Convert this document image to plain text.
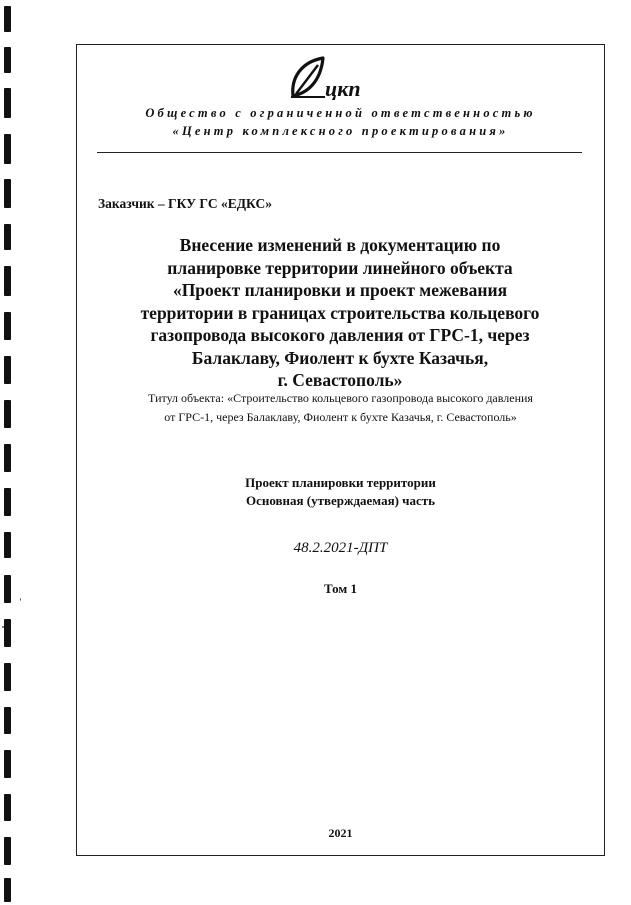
цкп
Общество с ограниченной ответственностью
«Центр комплексного проектирования»
Заказчик – ГКУ ГС «ЕДКС»
Внесение изменений в документацию по
планировке территории линейного объекта
«Проект планировки и проект межевания
территории в границах строительства кольцевого
газопровода высокого давления от ГРС-1, через
Балаклаву, Фиолент к бухте Казачья,
г. Севастополь»
Титул объекта: «Строительство кольцевого газопровода высокого давления
от ГРС-1, через Балаклаву, Фиолент к бухте Казачья, г. Севастополь»
Проект планировки территории
Основная (утверждаемая) часть
48.2.2021-ДПТ
Том 1
2021
